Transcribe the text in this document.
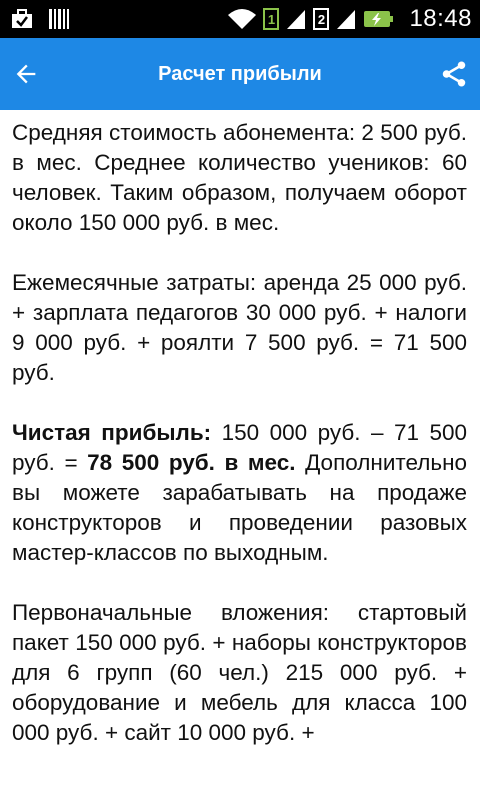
1	2	18:48
Расчет прибыли

Средняя стоимость абонемента: 2 500 руб. в мес. Среднее количество учеников: 60 человек. Таким образом, получаем оборот около 150 000 руб. в мес.

Ежемесячные затраты: аренда 25 000 руб. + зарплата педагогов 30 000 руб. + налоги 9 000 руб. + роялти 7 500 руб. = 71 500 руб.

Чистая прибыль: 150 000 руб. – 71 500 руб. = 78 500 руб. в мес. Дополнительно вы можете зарабатывать на продаже конструкторов и проведении разовых мастер-классов по выходным.

Первоначальные вложения: стартовый пакет 150 000 руб. + наборы конструкторов для 6 групп (60 чел.) 215 000 руб. + оборудование и мебель для класса 100 000 руб. + сайт 10 000 руб. +
